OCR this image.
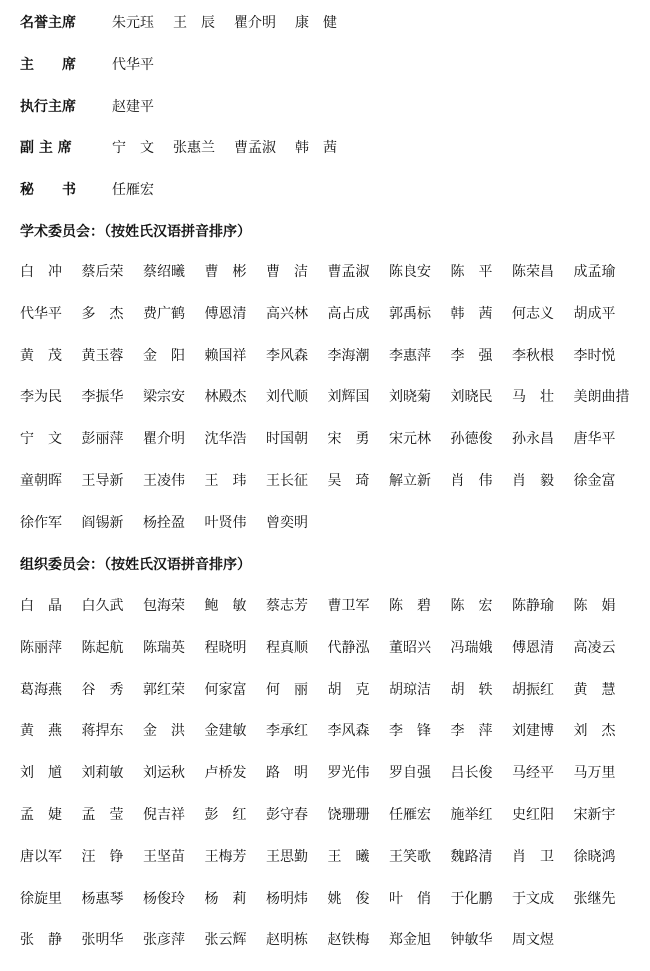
名誉主席	朱元珏 王　辰 瞿介明 康　健
主　　席	代华平
执行主席	赵建平
副 主 席	宁　文 张惠兰 曹孟淑 韩　茜
秘　　书	任雁宏
学术委员会：（按姓氏汉语拼音排序）
白　冲	蔡后荣	蔡绍曦	曹　彬	曹　洁	曹孟淑	陈良安	陈　平	陈荣昌	成孟瑜
代华平	多　杰	费广鹤	傅恩清	高兴林	高占成	郭禹标	韩　茜	何志义	胡成平
黄　茂	黄玉蓉	金　阳	赖国祥	李风森	李海潮	李惠萍	李　强	李秋根	李时悦
李为民	李振华	梁宗安	林殿杰	刘代顺	刘辉国	刘晓菊	刘晓民	马　壮	美朗曲措
宁　文	彭丽萍	瞿介明	沈华浩	时国朝	宋　勇	宋元林	孙德俊	孙永昌	唐华平
童朝晖	王导新	王凌伟	王　玮	王长征	吴　琦	解立新	肖　伟	肖　毅	徐金富
徐作军	阎锡新	杨拴盈	叶贤伟	曾奕明
组织委员会：（按姓氏汉语拼音排序）
白　晶	白久武	包海荣	鲍　敏	蔡志芳	曹卫军	陈　碧	陈　宏	陈静瑜	陈　娟
陈丽萍	陈起航	陈瑞英	程晓明	程真顺	代静泓	董昭兴	冯瑞娥	傅恩清	高凌云
葛海燕	谷　秀	郭红荣	何家富	何　丽	胡　克	胡琼洁	胡　轶	胡振红	黄　慧
黄　燕	蒋捍东	金　洪	金建敏	李承红	李风森	李　锋	李　萍	刘建博	刘　杰
刘　馗	刘莉敏	刘运秋	卢桥发	路　明	罗光伟	罗自强	吕长俊	马经平	马万里
孟　婕	孟　莹	倪吉祥	彭　红	彭守春	饶珊珊	任雁宏	施举红	史红阳	宋新宇
唐以军	汪　铮	王坚苗	王梅芳	王思勤	王　曦	王笑歌	魏路清	肖　卫	徐晓鸿
徐旋里	杨惠琴	杨俊玲	杨　莉	杨明炜	姚　俊	叶　俏	于化鹏	于文成	张继先
张　静	张明华	张彦萍	张云辉	赵明栋	赵铁梅	郑金旭	钟敏华	周文煜
